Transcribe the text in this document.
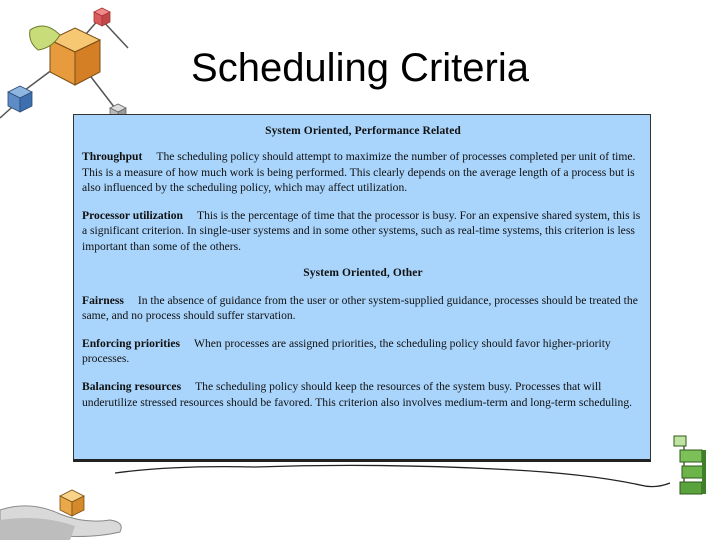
Scheduling Criteria
System Oriented, Performance Related
Throughput The scheduling policy should attempt to maximize the number of processes completed per unit of time. This is a measure of how much work is being performed. This clearly depends on the average length of a process but is also influenced by the scheduling policy, which may affect utilization.
Processor utilization This is the percentage of time that the processor is busy. For an expensive shared system, this is a significant criterion. In single-user systems and in some other systems, such as real-time systems, this criterion is less important than some of the others.
System Oriented, Other
Fairness In the absence of guidance from the user or other system-supplied guidance, processes should be treated the same, and no process should suffer starvation.
Enforcing priorities When processes are assigned priorities, the scheduling policy should favor higher-priority processes.
Balancing resources The scheduling policy should keep the resources of the system busy. Processes that will underutilize stressed resources should be favored. This criterion also involves medium-term and long-term scheduling.
